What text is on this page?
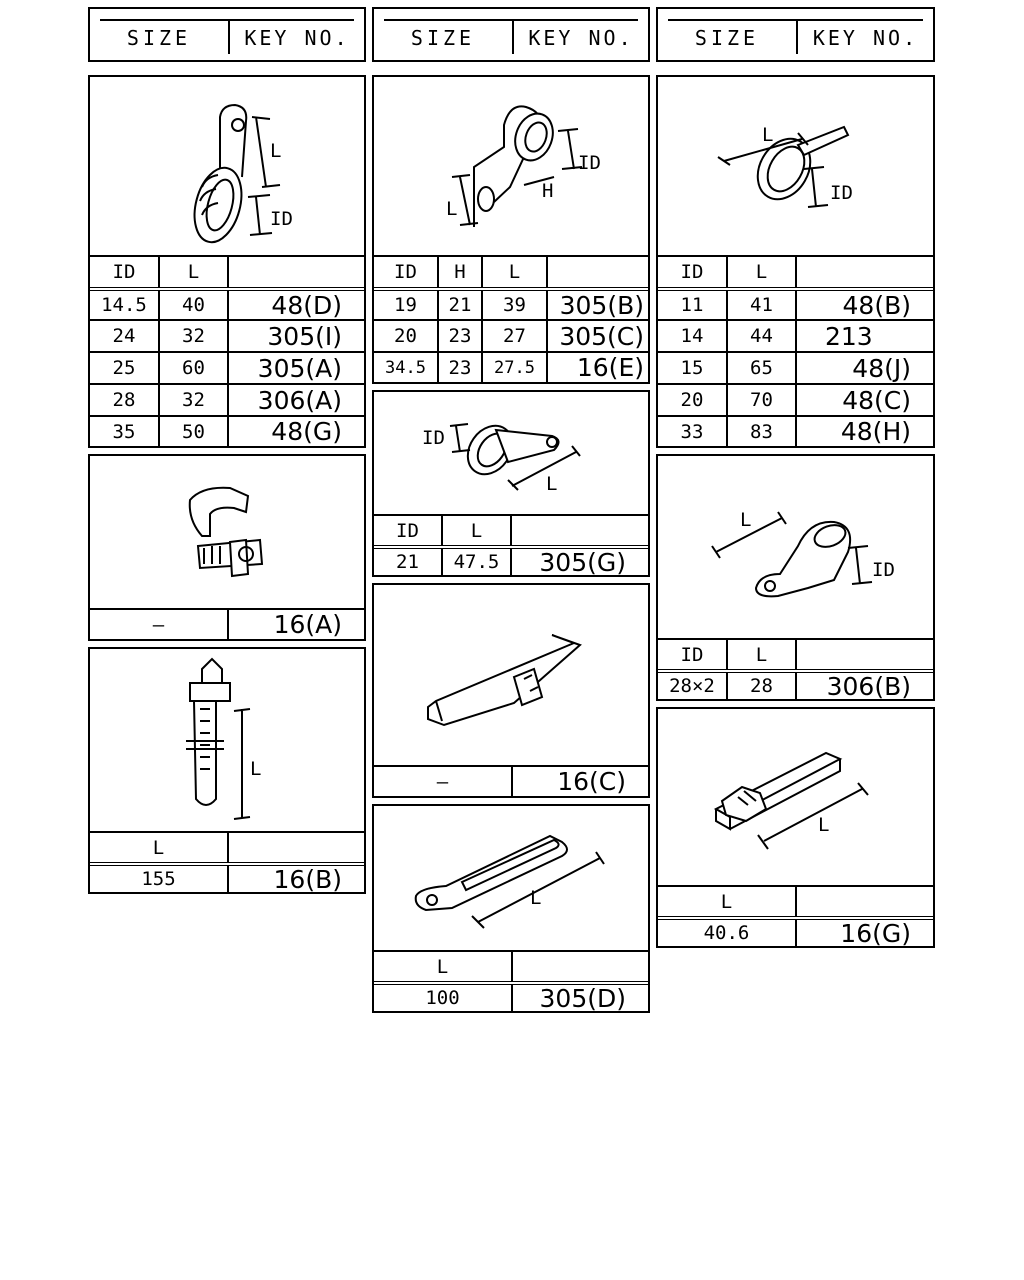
SIZE	KEY NO.	SIZE	KEY NO.	SIZE	KEY NO.
L
ID
ID	L
14.5	40	48(D)
24	32	305(I)
25	60	305(A)
28	32	306(A)
35	50	48(G)
ID
H
L
ID	H	L
19	21	39	305(B)
20	23	27	305(C)
34.5	23	27.5	16(E)
L
ID
ID	L
11	41	48(B)
14	44	213
15	65	48(J)
20	70	48(C)
33	83	48(H)
—	16(A)
ID
L
ID	L
21	47.5	305(G)
L
ID
ID	L
28×2	28	306(B)
L
L
155	16(B)
—	16(C)
L
L
40.6	16(G)
L
L
100	305(D)
